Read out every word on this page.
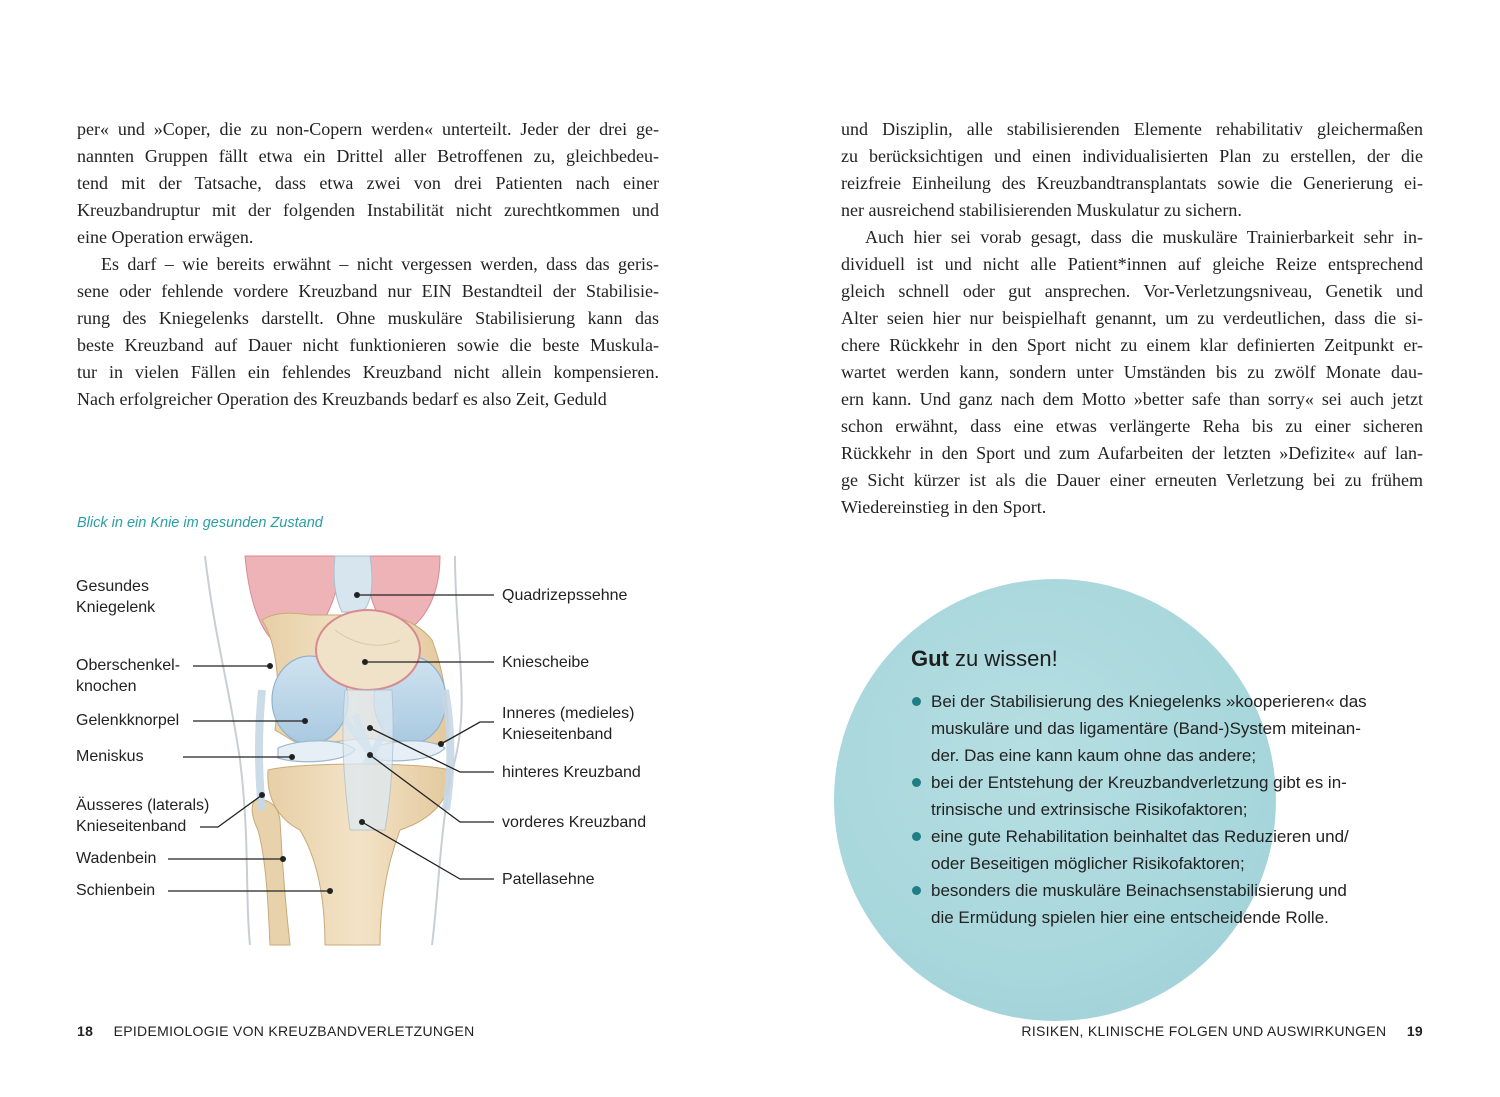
per« und »Coper, die zu non-Copern werden« unterteilt. Jeder der drei ge-
nannten Gruppen fällt etwa ein Drittel aller Betroffenen zu, gleichbedeu-
tend mit der Tatsache, dass etwa zwei von drei Patienten nach einer
Kreuzbandruptur mit der folgenden Instabilität nicht zurechtkommen und
eine Operation erwägen.

Es darf – wie bereits erwähnt – nicht vergessen werden, dass das geris-
sene oder fehlende vordere Kreuzband nur EIN Bestandteil der Stabilisie-
rung des Kniegelenks darstellt. Ohne muskuläre Stabilisierung kann das
beste Kreuzband auf Dauer nicht funktionieren sowie die beste Muskula-
tur in vielen Fällen ein fehlendes Kreuzband nicht allein kompensieren.
Nach erfolgreicher Operation des Kreuzbands bedarf es also Zeit, Geduld

Blick in ein Knie im gesunden Zustand
Gesundes
Kniegelenk
Oberschenkel-
knochen
Gelenkknorpel
Meniskus
Äusseres (laterals)
Knieseitenband
Wadenbein
Schienbein
Quadrizepssehne
Kniescheibe
Inneres (medieles)
Knieseitenband
hinteres Kreuzband
vorderes Kreuzband
Patellasehne
18 EPIDEMIOLOGIE VON KREUZBANDVERLETZUNGEN

und Disziplin, alle stabilisierenden Elemente rehabilitativ gleichermaßen
zu berücksichtigen und einen individualisierten Plan zu erstellen, der die
reizfreie Einheilung des Kreuzbandtransplantats sowie die Generierung ei-
ner ausreichend stabilisierenden Muskulatur zu sichern.

Auch hier sei vorab gesagt, dass die muskuläre Trainierbarkeit sehr in-
dividuell ist und nicht alle Patient*innen auf gleiche Reize entsprechend
gleich schnell oder gut ansprechen. Vor-Verletzungsniveau, Genetik und
Alter seien hier nur beispielhaft genannt, um zu verdeutlichen, dass die si-
chere Rückkehr in den Sport nicht zu einem klar definierten Zeitpunkt er-
wartet werden kann, sondern unter Umständen bis zu zwölf Monate dau-
ern kann. Und ganz nach dem Motto »better safe than sorry« sei auch jetzt
schon erwähnt, dass eine etwas verlängerte Reha bis zu einer sicheren
Rückkehr in den Sport und zum Aufarbeiten der letzten »Defizite« auf lan-
ge Sicht kürzer ist als die Dauer einer erneuten Verletzung bei zu frühem
Wiedereinstieg in den Sport.

Gut zu wissen!
Bei der Stabilisierung des Kniegelenks »kooperieren« das
muskuläre und das ligamentäre (Band-)System miteinan-
der. Das eine kann kaum ohne das andere;
bei der Entstehung der Kreuzbandverletzung gibt es in-
trinsische und extrinsische Risikofaktoren;
eine gute Rehabilitation beinhaltet das Reduzieren und/
oder Beseitigen möglicher Risikofaktoren;
besonders die muskuläre Beinachsenstabilisierung und
die Ermüdung spielen hier eine entscheidende Rolle.
RISIKEN, KLINISCHE FOLGEN UND AUSWIRKUNGEN 19
